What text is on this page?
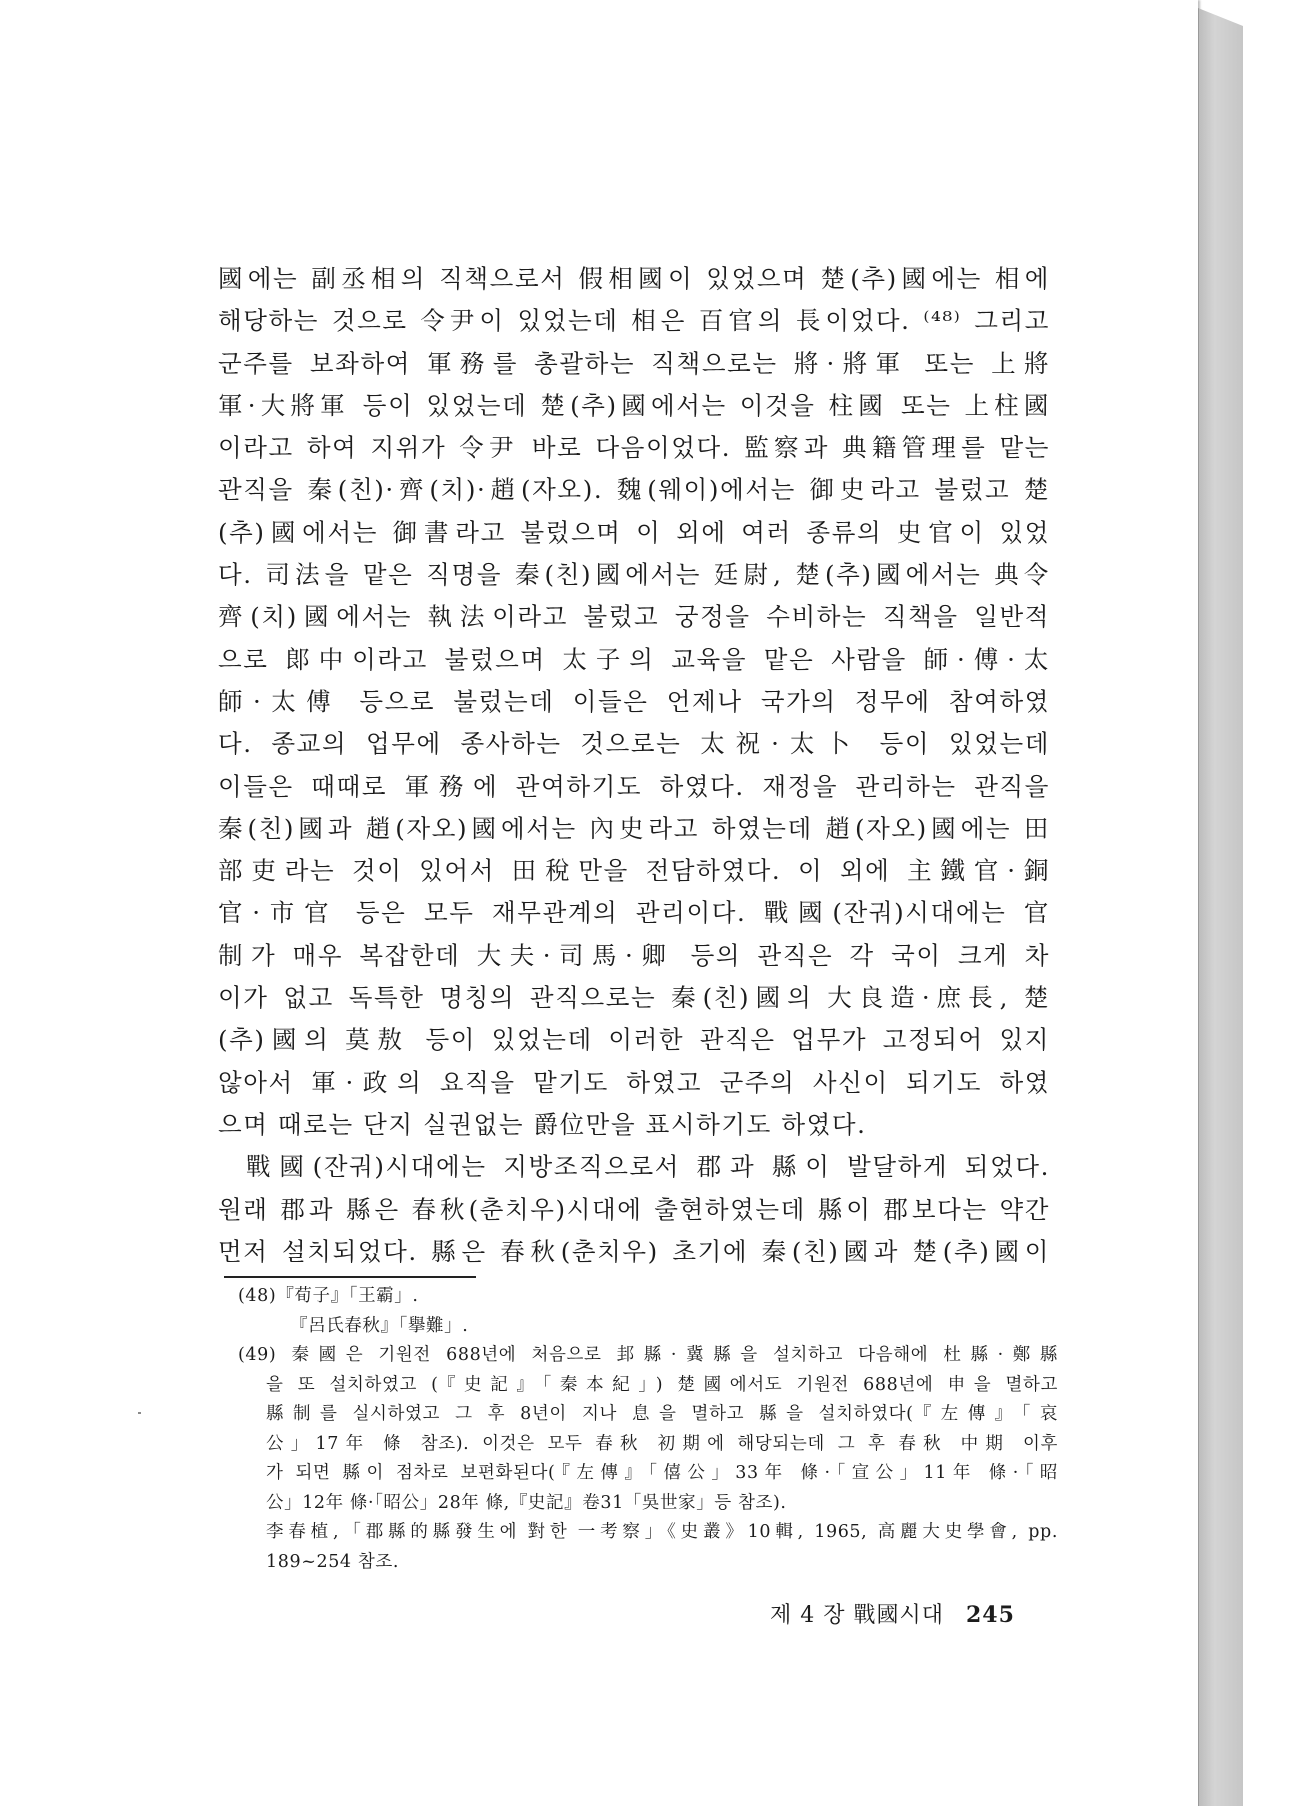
國에는 副丞相의 직책으로서 假相國이 있었으며 楚(추)國에는 相에
해당하는 것으로 令尹이 있었는데 相은 百官의 長이었다. ⁽⁴⁸⁾ 그리고
군주를 보좌하여 軍務를 총괄하는 직책으로는 將·將軍 또는 上將
軍·大將軍 등이 있었는데 楚(추)國에서는 이것을 柱國 또는 上柱國
이라고 하여 지위가 令尹 바로 다음이었다. 監察과 典籍管理를 맡는
관직을 秦(친)·齊(치)·趙(자오). 魏(웨이)에서는 御史라고 불렀고 楚
(추)國에서는 御書라고 불렀으며 이 외에 여러 종류의 史官이 있었
다. 司法을 맡은 직명을 秦(친)國에서는 廷尉, 楚(추)國에서는 典令
齊(치)國에서는 執法이라고 불렀고 궁정을 수비하는 직책을 일반적
으로 郞中이라고 불렀으며 太子의 교육을 맡은 사람을 師·傅·太
師·太傅 등으로 불렀는데 이들은 언제나 국가의 정무에 참여하였
다. 종교의 업무에 종사하는 것으로는 太祝·太卜 등이 있었는데
이들은 때때로 軍務에 관여하기도 하였다. 재정을 관리하는 관직을
秦(친)國과 趙(자오)國에서는 內史라고 하였는데 趙(자오)國에는 田
部吏라는 것이 있어서 田稅만을 전담하였다. 이 외에 主鐵官·銅
官·市官 등은 모두 재무관계의 관리이다. 戰國(잔궈)시대에는 官
制가 매우 복잡한데 大夫·司馬·卿 등의 관직은 각 국이 크게 차
이가 없고 독특한 명칭의 관직으로는 秦(친)國의 大良造·庶長, 楚
(추)國의 莫敖 등이 있었는데 이러한 관직은 업무가 고정되어 있지
않아서 軍·政의 요직을 맡기도 하였고 군주의 사신이 되기도 하였
으며 때로는 단지 실권없는 爵位만을 표시하기도 하였다.
戰國(잔궈)시대에는 지방조직으로서 郡과 縣이 발달하게 되었다.
원래 郡과 縣은 春秋(춘치우)시대에 출현하였는데 縣이 郡보다는 약간
먼저 설치되었다. 縣은 春秋(춘치우) 초기에 秦(친)國과 楚(추)國이
(48)『荀子』「王霸」.
『呂氏春秋』「擧難」.
(49) 秦國은 기원전 688년에 처음으로 邽縣·冀縣을 설치하고 다음해에 杜縣·鄭縣
을 또 설치하였고 (『史記』「秦本紀」) 楚國에서도 기원전 688년에 申을 멸하고
縣制를 실시하였고 그 후 8년이 지나 息을 멸하고 縣을 설치하였다(『左傳』「哀
公」17年 條 참조). 이것은 모두 春秋 初期에 해당되는데 그 후 春秋 中期 이후
가 되면 縣이 점차로 보편화된다(『左傳』「僖公」33年 條·「宣公」11年 條·「昭
公」12年 條·「昭公」28年 條,『史記』卷31「吳世家」등 참조).
李春植,「郡縣的縣發生에 對한 一考察」《史叢》10輯, 1965, 高麗大史學會, pp.
189~254 참조.
제 4 장 戰國시대 245
